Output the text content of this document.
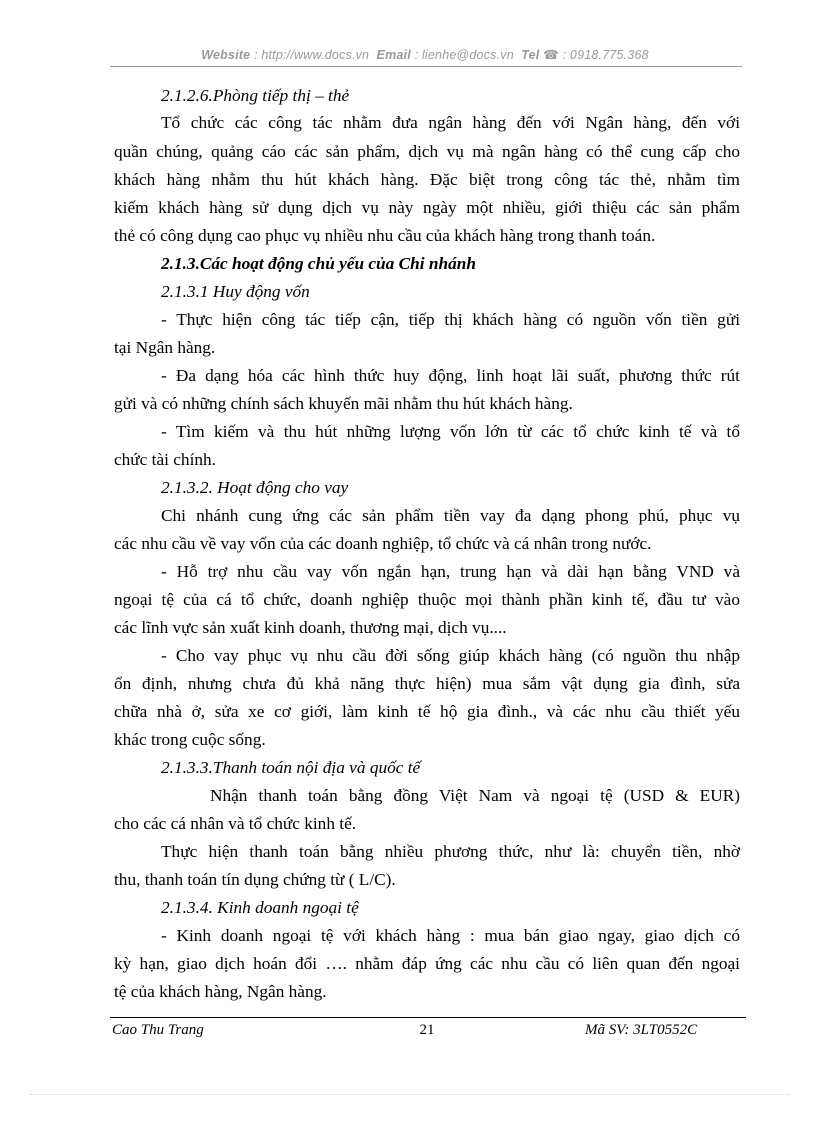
Website : http://www.docs.vn Email : lienhe@docs.vn Tel ☎ : 0918.775.368
2.1.2.6.Phòng tiếp thị – thẻ
Tổ chức các công tác nhằm đưa ngân hàng đến với Ngân hàng, đến với
quần chúng, quảng cáo các sản phẩm, dịch vụ mà ngân hàng có thể cung cấp cho
khách hàng nhằm thu hút khách hàng. Đặc biệt trong công tác thẻ, nhằm tìm
kiếm khách hàng sử dụng dịch vụ này ngày một nhiều, giới thiệu các sản phẩm
thẻ có công dụng cao phục vụ nhiều nhu cầu của khách hàng trong thanh toán.
2.1.3.Các hoạt động chủ yếu của Chi nhánh
2.1.3.1 Huy động vốn
- Thực hiện công tác tiếp cận, tiếp thị khách hàng có nguồn vốn tiền gửi
tại Ngân hàng.
- Đa dạng hóa các hình thức huy động, linh hoạt lãi suất, phương thức rút
gửi và có những chính sách khuyến mãi nhằm thu hút khách hàng.
- Tìm kiếm và thu hút những lượng vốn lớn từ các tổ chức kinh tế và tổ
chức tài chính.
2.1.3.2. Hoạt động cho vay
Chi nhánh cung ứng các sản phẩm tiền vay đa dạng phong phú, phục vụ
các nhu cầu về vay vốn của các doanh nghiệp, tổ chức và cá nhân trong nước.
- Hỗ trợ nhu cầu vay vốn ngắn hạn, trung hạn và dài hạn bằng VND và
ngoại tệ của cá tổ chức, doanh nghiệp thuộc mọi thành phần kinh tế, đầu tư vào
các lĩnh vực sản xuất kinh doanh, thương mại, dịch vụ....
- Cho vay phục vụ nhu cầu đời sống giúp khách hàng (có nguồn thu nhập
ổn định, nhưng chưa đủ khả năng thực hiện) mua sắm vật dụng gia đình, sửa
chữa nhà ở, sửa xe cơ giới, làm kinh tế hộ gia đình., và các nhu cầu thiết yếu
khác trong cuộc sống.
2.1.3.3.Thanh toán nội địa và quốc tế
Nhận thanh toán bằng đồng Việt Nam và ngoại tệ (USD & EUR)
cho các cá nhân và tổ chức kinh tế.
Thực hiện thanh toán bằng nhiều phương thức, như là: chuyển tiền, nhờ
thu, thanh toán tín dụng chứng từ ( L/C).
2.1.3.4. Kinh doanh ngoại tệ
- Kinh doanh ngoại tệ với khách hàng : mua bán giao ngay, giao dịch có
kỳ hạn, giao dịch hoán đổi …. nhằm đáp ứng các nhu cầu có liên quan đến ngoại
tệ của khách hàng, Ngân hàng.
Cao Thu Trang	21	Mã SV: 3LT0552C
